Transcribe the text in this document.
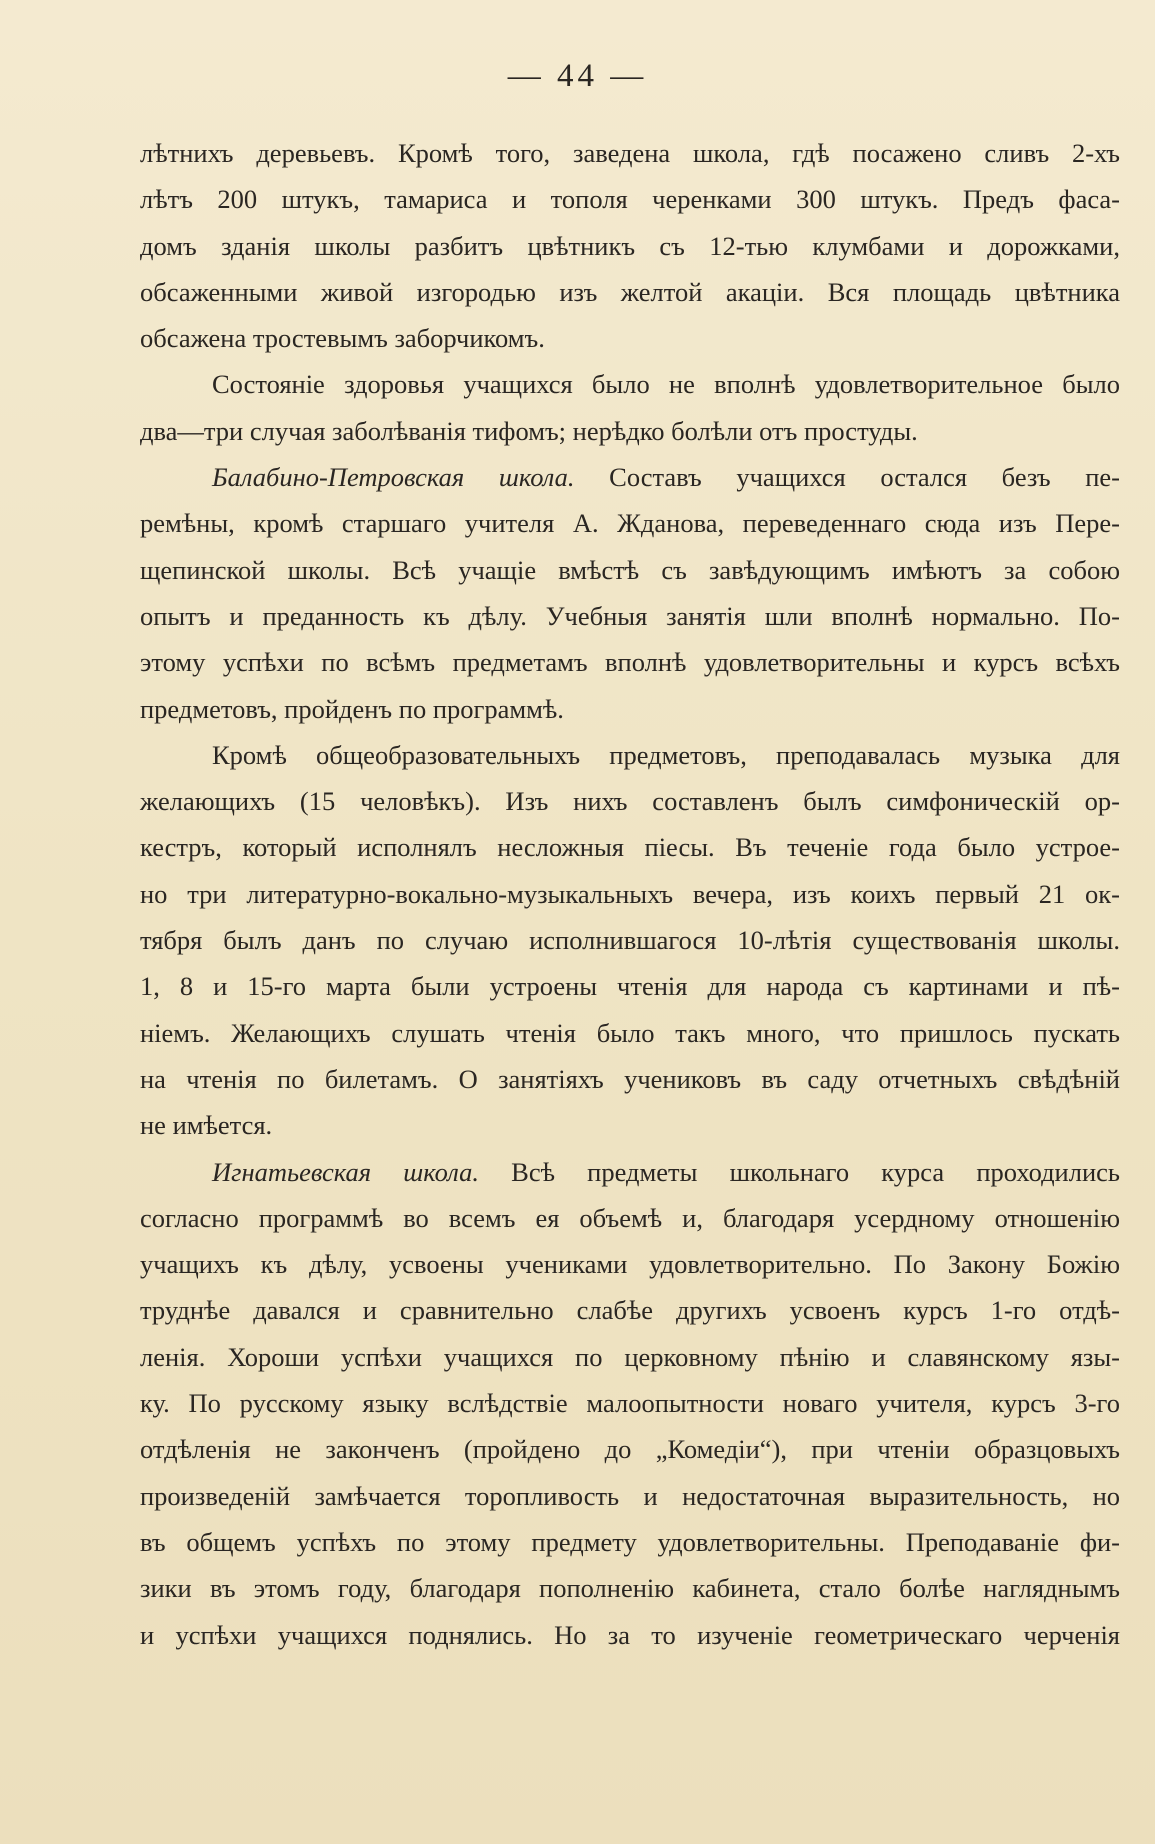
— 44 —
лѣтнихъ деревьевъ. Кромѣ того, заведена школа, гдѣ посажено сливъ 2-хъ
лѣтъ 200 штукъ, тамариса и тополя черенками 300 штукъ. Предъ фаса-
домъ зданія школы разбитъ цвѣтникъ съ 12-тью клумбами и дорожками,
обсаженными живой изгородью изъ желтой акаціи. Вся площадь цвѣтника
обсажена тростевымъ заборчикомъ.
Состояніе здоровья учащихся было не вполнѣ удовлетворительное было
два—три случая заболѣванія тифомъ; нерѣдко болѣли отъ простуды.
Балабино-Петровская школа. Составъ учащихся остался безъ пе-
ремѣны, кромѣ старшаго учителя А. Жданова, переведеннаго сюда изъ Пере-
щепинской школы. Всѣ учащіе вмѣстѣ съ завѣдующимъ имѣютъ за собою
опытъ и преданность къ дѣлу. Учебныя занятія шли вполнѣ нормально. По-
этому успѣхи по всѣмъ предметамъ вполнѣ удовлетворительны и курсъ всѣхъ
предметовъ, пройденъ по программѣ.
Кромѣ общеобразовательныхъ предметовъ, преподавалась музыка для
желающихъ (15 человѣкъ). Изъ нихъ составленъ былъ симфоническій ор-
кестръ, который исполнялъ несложныя піесы. Въ теченіе года было устрое-
но три литературно-вокально-музыкальныхъ вечера, изъ коихъ первый 21 ок-
тября былъ данъ по случаю исполнившагося 10-лѣтія существованія школы.
1, 8 и 15-го марта были устроены чтенія для народа съ картинами и пѣ-
ніемъ. Желающихъ слушать чтенія было такъ много, что пришлось пускать
на чтенія по билетамъ. О занятіяхъ учениковъ въ саду отчетныхъ свѣдѣній
не имѣется.
Игнатьевская школа. Всѣ предметы школьнаго курса проходились
согласно программѣ во всемъ ея объемѣ и, благодаря усердному отношенію
учащихъ къ дѣлу, усвоены учениками удовлетворительно. По Закону Божію
труднѣе давался и сравнительно слабѣе другихъ усвоенъ курсъ 1-го отдѣ-
ленія. Хороши успѣхи учащихся по церковному пѣнію и славянскому язы-
ку. По русскому языку вслѣдствіе малоопытности новаго учителя, курсъ 3-го
отдѣленія не законченъ (пройдено до „Комедіи“), при чтеніи образцовыхъ
произведеній замѣчается торопливость и недостаточная выразительность, но
въ общемъ успѣхъ по этому предмету удовлетворительны. Преподаваніе фи-
зики въ этомъ году, благодаря пополненію кабинета, стало болѣе нагляднымъ
и успѣхи учащихся поднялись. Но за то изученіе геометрическаго черченія
